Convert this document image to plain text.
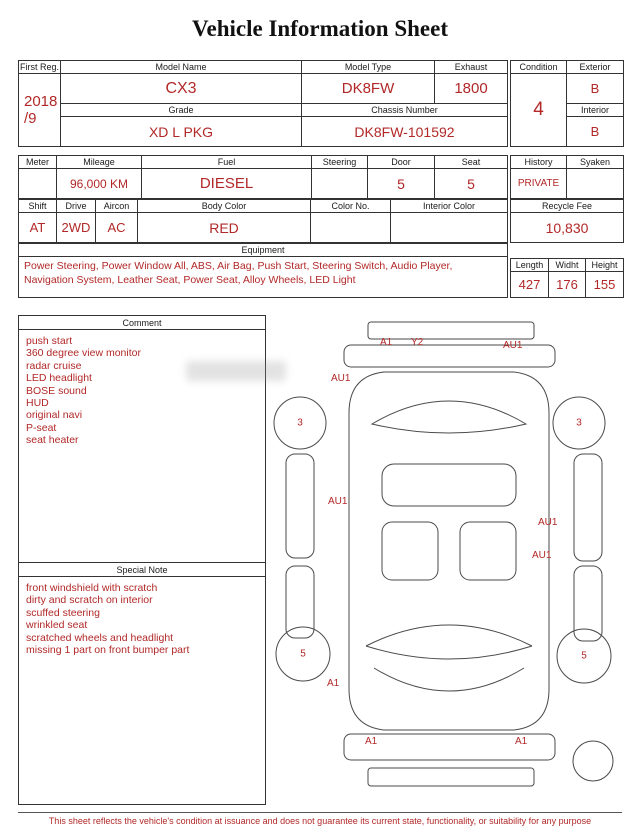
Vehicle Information Sheet
First Reg.	Model Name	Model Type	Exhaust
2018
/9	CX3	DK8FW	1800
	Grade	Chassis Number	
	XD L PKG	DK8FW-101592	
Condition	Exterior
4	B
	Interior
	B
Meter	Mileage	Fuel	Steering	Door	Seat
	96,000 KM	DIESEL		5	5
Shift	Drive	Aircon	Body Color	Color No.	Interior Color
AT	2WD	AC	RED		
Equipment
Power Steering, Power Window All, ABS, Air Bag, Push Start, Steering Switch, Audio Player, Navigation System, Leather Seat, Power Seat, Alloy Wheels, LED Light
History	Syaken
PRIVATE	
Recycle Fee
10,830
Length	Widht	Height
427	176	155
Comment
push start
360 degree view monitor
radar cruise
LED headlight
BOSE sound
HUD
original navi
P-seat
seat heater
Special Note
front windshield with scratch
dirty and scratch on interior
scuffed steering
wrinkled seat
scratched wheels and headlight
missing 1 part on front bumper part
A1 Y2	AU1
AU1
AU1
AU1
AU1
A1
A1	A1
3	3
5	5
This sheet reflects the vehicle's condition at issuance and does not guarantee its current state, functionality, or suitability for any purpose
